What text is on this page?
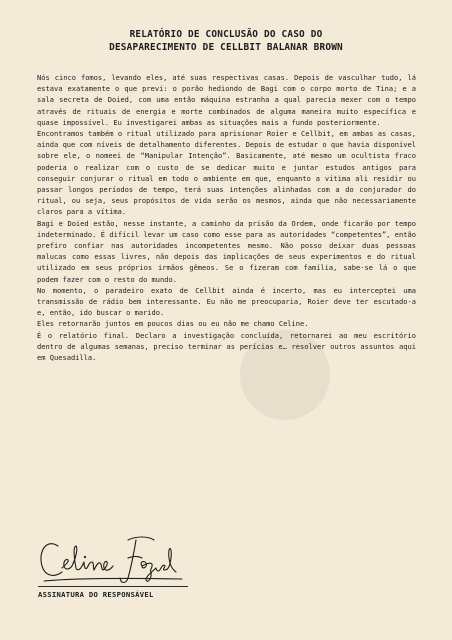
RELATÓRIO DE CONCLUSÃO DO CASO DO
DESAPARECIMENTO DE CELLBIT BALANAR BROWN

Nós cinco fomos, levando eles, até suas respectivas casas. Depois de vasculhar tudo, lá estava exatamente o que previ: o porão hediondo de Bagi com o corpo morto de Tina; e a sala secreta de Doied, com uma então máquina estranha a qual parecia mexer com o tempo através de rituais de energia e morte combinados de alguma maneira muito específica e quase impossível. Eu investigarei ambas as situações mais a fundo posteriormente.

Encontramos também o ritual utilizado para aprisionar Roier e Cellbit, em ambas as casas, ainda que com níveis de detalhamento diferentes. Depois de estudar o que havia disponível sobre ele, o nomeei de “Manipular Intenção”. Basicamente, até mesmo um ocultista fraco poderia o realizar com o custo de se dedicar muito e juntar estudos antigos para conseguir conjurar o ritual em todo o ambiente em que, enquanto a vítima ali residir ou passar longos períodos de tempo, terá suas intenções alinhadas com a do conjurador do ritual, ou seja, seus propósitos de vida serão os mesmos, ainda que não necessariamente claros para a vítima.

Bagi e Doied estão, nesse instante, a caminho da prisão da Ordem, onde ficarão por tempo indeterminado. É difícil levar um caso como esse para as autoridades “competentes”, então prefiro confiar nas autoridades incompetentes mesmo. Não posso deixar duas pessoas malucas como essas livres, não depois das implicações de seus experimentos e do ritual utilizado em seus próprios irmãos gêmeos. Se o fizeram com família, sabe-se lá o que podem fazer com o resto do mundo.

No momento, o paradeiro exato de Cellbit ainda é incerto, mas eu interceptei uma transmissão de rádio bem interessante. Eu não me preocuparia, Roier deve ter escutado-a e, então, ido buscar o marido.

Eles retornarão juntos em poucos dias ou eu não me chamo Celine.

É o relatório final. Declaro a investigação concluída, retornarei ao meu escritório dentro de algumas semanas, preciso terminar as perícias e… resolver outros assuntos aqui em Quesadilla.

ASSINATURA DO RESPONSÁVEL
